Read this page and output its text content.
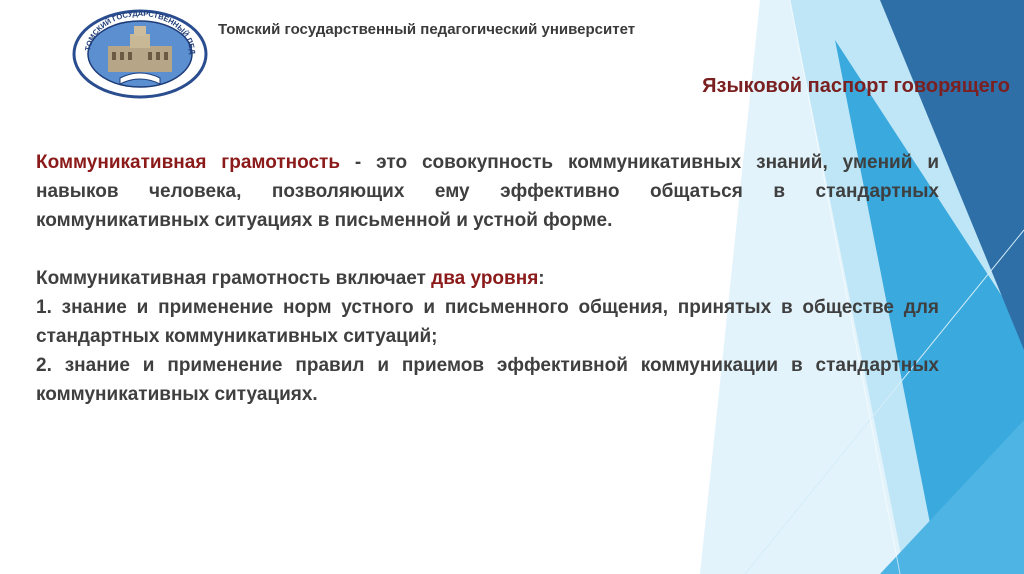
ТОМСКИЙ ГОСУДАРСТВЕННЫЙ ПЕД
Томский государственный педагогический университет
Языковой паспорт говорящего

Коммуникативная грамотность - это совокупность коммуникативных знаний, умений и навыков человека, позволяющих ему эффективно общаться в стандартных коммуникативных ситуациях в письменной и устной форме.

Коммуникативная грамотность включает два уровня:

1. знание и применение норм устного и письменного общения, принятых в обществе для стандартных коммуникативных ситуаций;

2. знание и применение правил и приемов эффективной коммуникации в стандартных коммуникативных ситуациях.
